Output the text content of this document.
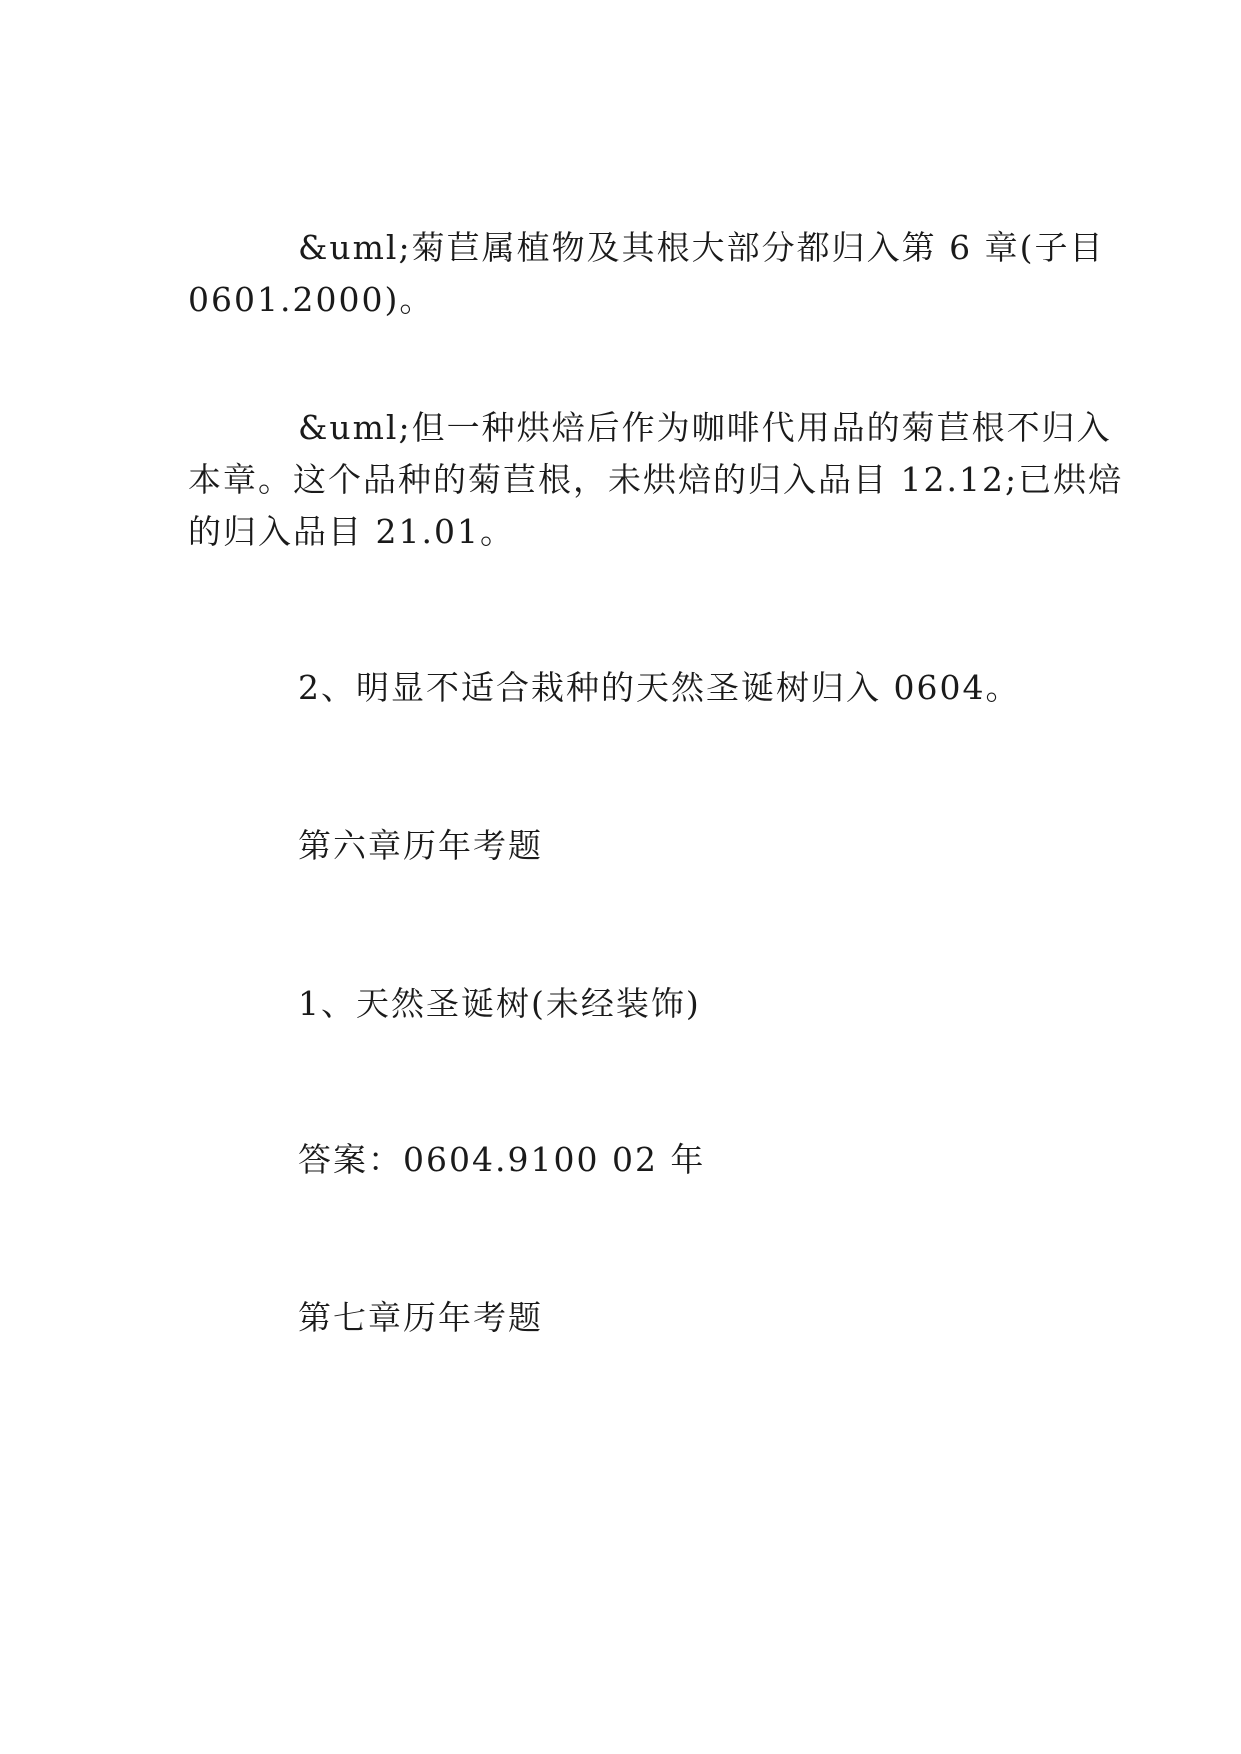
&uml;菊苣属植物及其根大部分都归入第 6 章(子目
0601.2000)。

&uml;但一种烘焙后作为咖啡代用品的菊苣根不归入
本章。这个品种的菊苣根，未烘焙的归入品目 12.12;已烘焙
的归入品目 21.01。

2、明显不适合栽种的天然圣诞树归入 0604。

第六章历年考题

1、天然圣诞树(未经装饰)

答案：0604.9100 02 年

第七章历年考题
